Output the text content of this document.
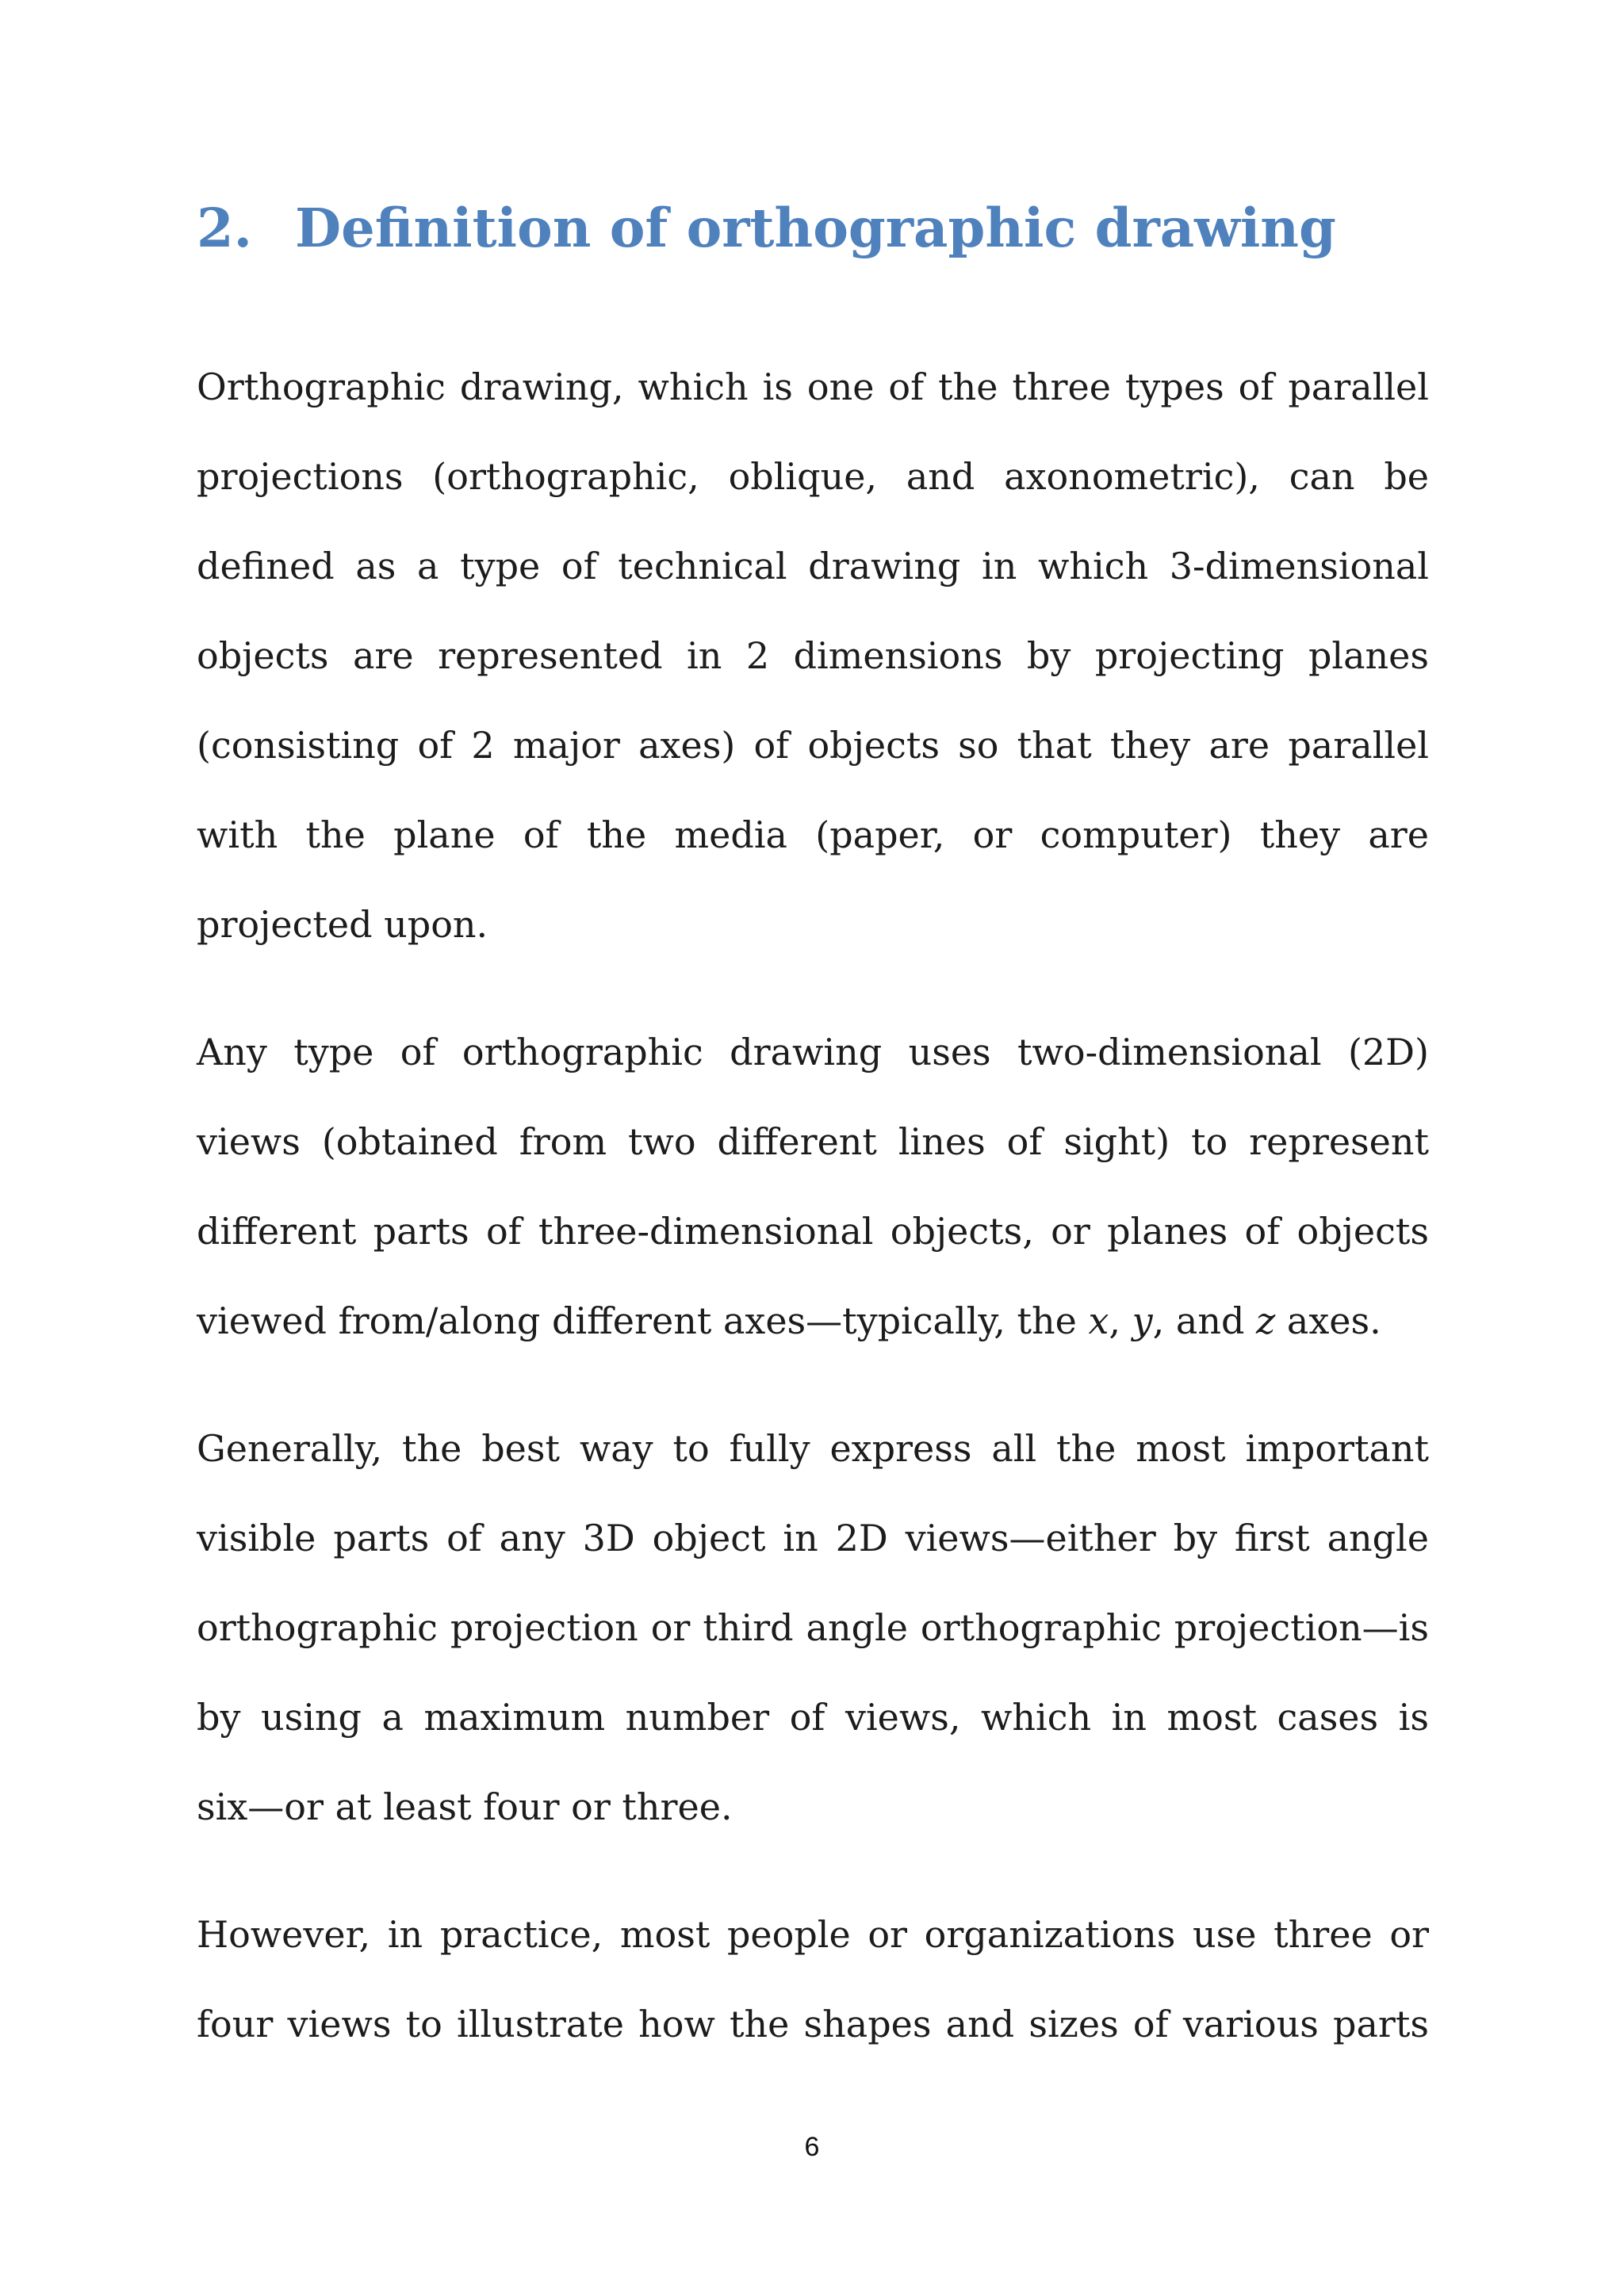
2. Definition of orthographic drawing

Orthographic drawing, which is one of the three types of parallel
projections (orthographic, oblique, and axonometric), can be
defined as a type of technical drawing in which 3-dimensional
objects are represented in 2 dimensions by projecting planes
(consisting of 2 major axes) of objects so that they are parallel
with the plane of the media (paper, or computer) they are
projected upon.

Any type of orthographic drawing uses two-dimensional (2D)
views (obtained from two different lines of sight) to represent
different parts of three-dimensional objects, or planes of objects
viewed from/along different axes—typically, the x, y, and z axes.

Generally, the best way to fully express all the most important
visible parts of any 3D object in 2D views—either by first angle
orthographic projection or third angle orthographic projection—is
by using a maximum number of views, which in most cases is
six—or at least four or three.

However, in practice, most people or organizations use three or
four views to illustrate how the shapes and sizes of various parts

6
